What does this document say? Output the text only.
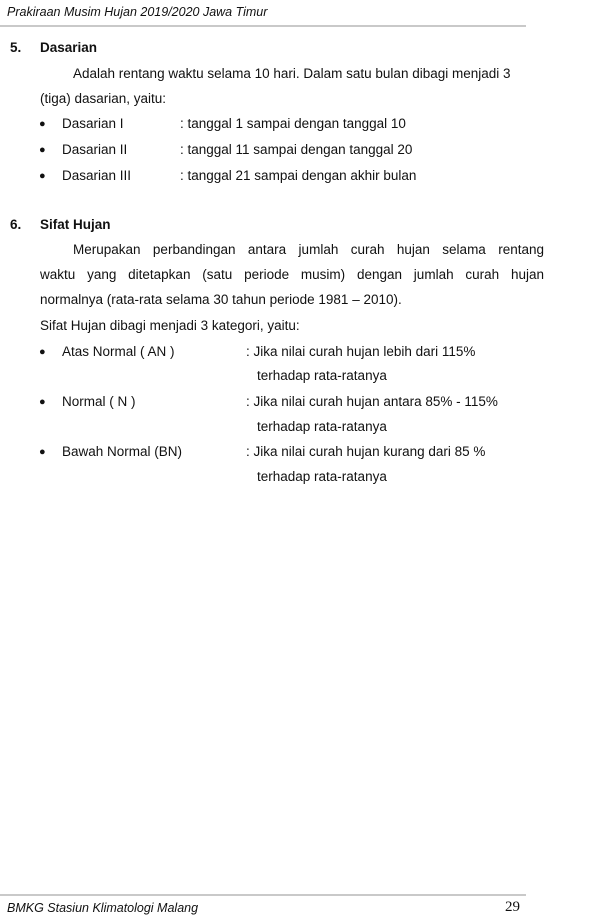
Prakiraan Musim Hujan 2019/2020 Jawa Timur
5. Dasarian
Adalah rentang waktu selama 10 hari. Dalam satu bulan dibagi menjadi 3
(tiga) dasarian, yaitu:
● Dasarian I	: tanggal 1 sampai dengan tanggal 10
● Dasarian II	: tanggal 11 sampai dengan tanggal 20
● Dasarian III	: tanggal 21 sampai dengan akhir bulan
6. Sifat Hujan
Merupakan perbandingan antara jumlah curah hujan selama rentang
waktu yang ditetapkan (satu periode musim) dengan jumlah curah hujan
normalnya (rata-rata selama 30 tahun periode 1981 – 2010).
Sifat Hujan dibagi menjadi 3 kategori, yaitu:
● Atas Normal ( AN )	: Jika nilai curah hujan lebih dari 115%
terhadap rata-ratanya
● Normal ( N )	: Jika nilai curah hujan antara 85% - 115%
terhadap rata-ratanya
● Bawah Normal (BN)	: Jika nilai curah hujan kurang dari 85 %
terhadap rata-ratanya
BMKG Stasiun Klimatologi Malang	29
